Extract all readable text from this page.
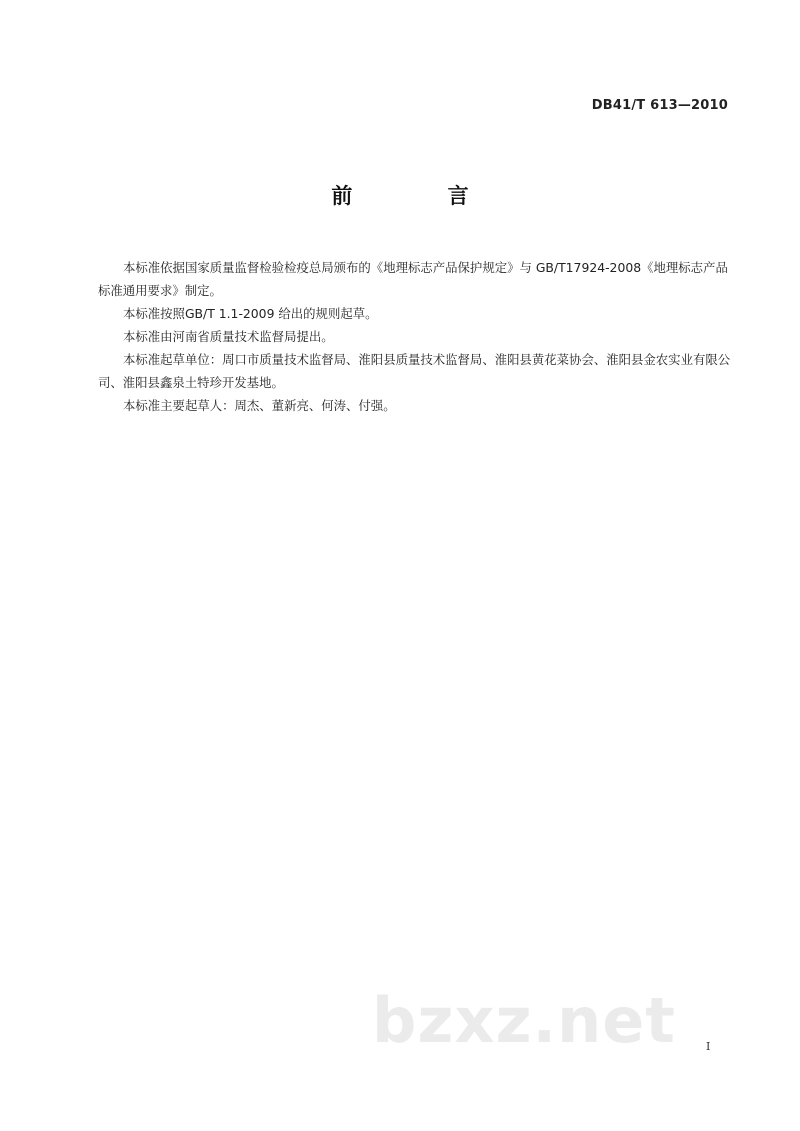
DB41/T 613—2010
前 言

本标准依据国家质量监督检验检疫总局颁布的《地理标志产品保护规定》与 GB/T17924-2008《地理标志产品标准通用要求》制定。

本标准按照GB/T 1.1-2009 给出的规则起草。

本标准由河南省质量技术监督局提出。

本标准起草单位：周口市质量技术监督局、淮阳县质量技术监督局、淮阳县黄花菜协会、淮阳县金农实业有限公司、淮阳县鑫泉土特珍开发基地。

本标准主要起草人：周杰、董新亮、何涛、付强。

bzxz.net	I
